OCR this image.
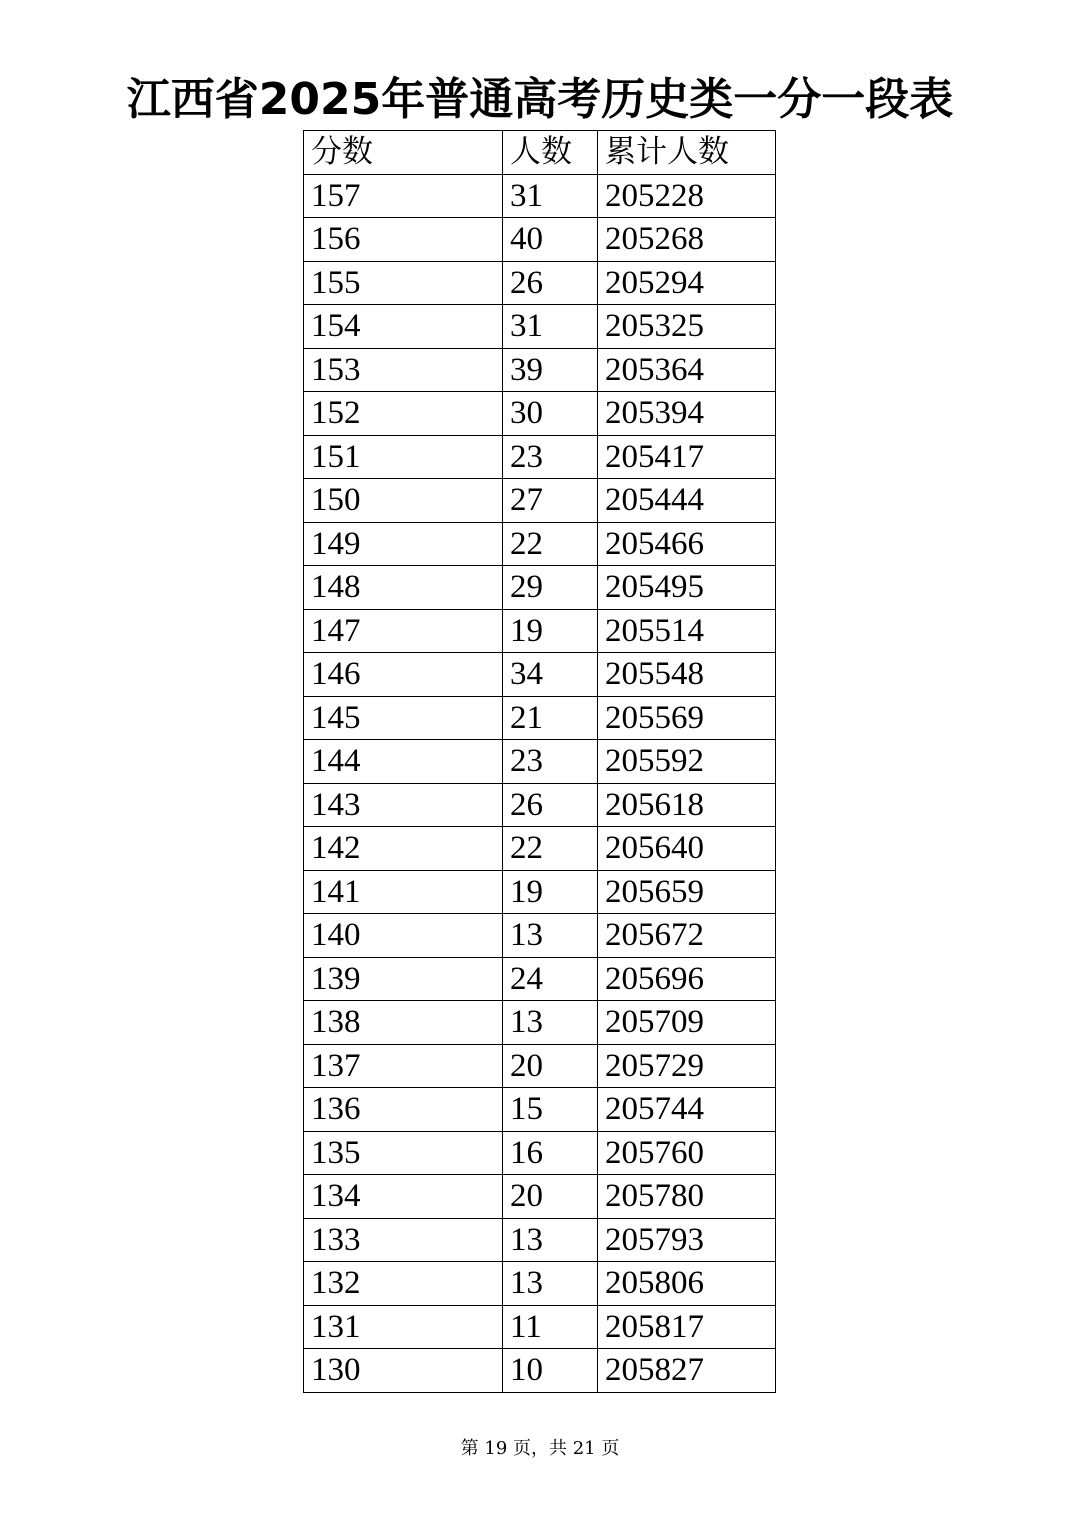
江西省2025年普通高考历史类一分一段表
分数	人数	累计人数
157	31	205228
156	40	205268
155	26	205294
154	31	205325
153	39	205364
152	30	205394
151	23	205417
150	27	205444
149	22	205466
148	29	205495
147	19	205514
146	34	205548
145	21	205569
144	23	205592
143	26	205618
142	22	205640
141	19	205659
140	13	205672
139	24	205696
138	13	205709
137	20	205729
136	15	205744
135	16	205760
134	20	205780
133	13	205793
132	13	205806
131	11	205817
130	10	205827
第 19 页，共 21 页
